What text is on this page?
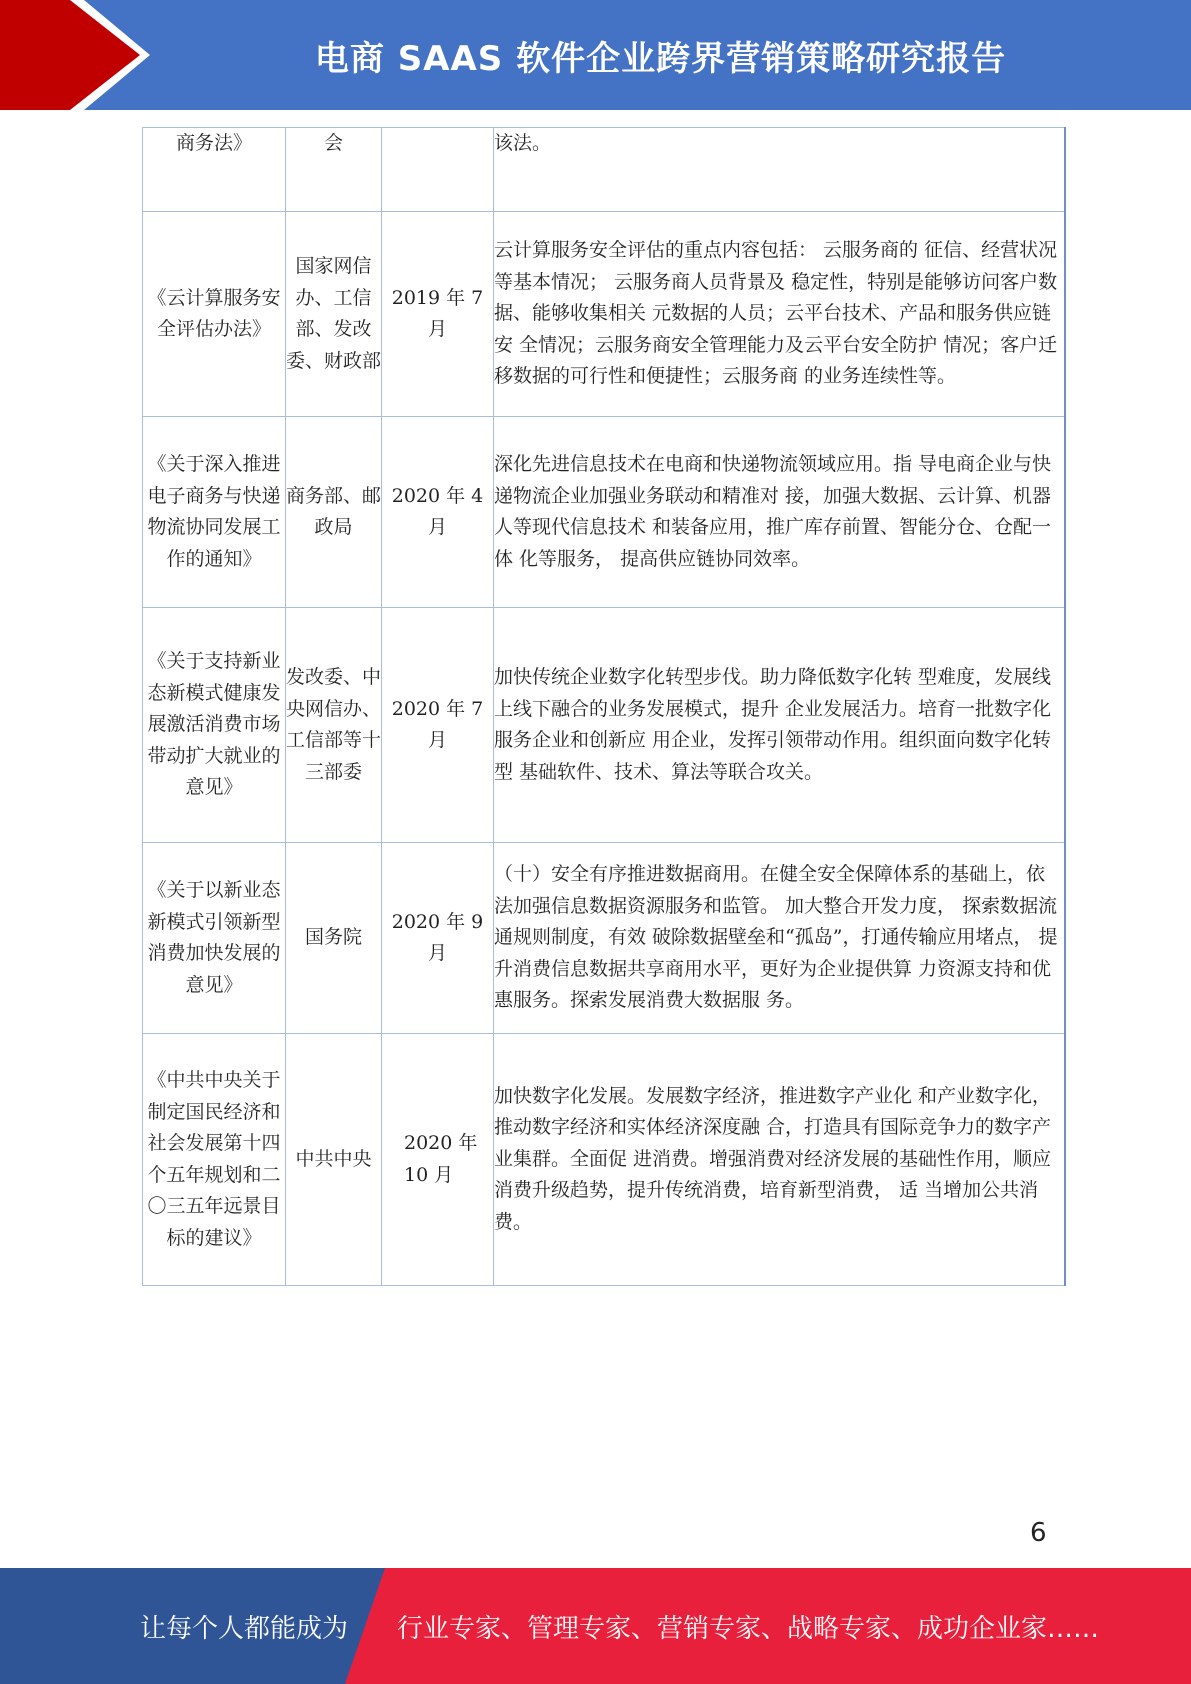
电商 SAAS 软件企业跨界营销策略研究报告
商务法》	会		该法。
《云计算服务安全评估办法》	国家网信办、工信部、发改委、财政部	2019 年 7 月	云计算服务安全评估的重点内容包括： 云服务商的 征信、经营状况等基本情况； 云服务商人员背景及 稳定性，特别是能够访问客户数据、能够收集相关 元数据的人员；云平台技术、产品和服务供应链安 全情况；云服务商安全管理能力及云平台安全防护 情况；客户迁移数据的可行性和便捷性；云服务商 的业务连续性等。
《关于深入推进电子商务与快递物流协同发展工作的通知》	商务部、邮政局	2020 年 4 月	深化先进信息技术在电商和快递物流领域应用。指 导电商企业与快递物流企业加强业务联动和精准对 接，加强大数据、云计算、机器人等现代信息技术 和装备应用，推广库存前置、智能分仓、仓配一体 化等服务， 提高供应链协同效率。
《关于支持新业态新模式健康发展激活消费市场带动扩大就业的意见》	发改委、中央网信办、工信部等十三部委	2020 年 7 月	加快传统企业数字化转型步伐。助力降低数字化转 型难度，发展线上线下融合的业务发展模式，提升 企业发展活力。培育一批数字化服务企业和创新应 用企业，发挥引领带动作用。组织面向数字化转型 基础软件、技术、算法等联合攻关。
《关于以新业态新模式引领新型消费加快发展的意见》	国务院	2020 年 9 月	（十）安全有序推进数据商用。在健全安全保障体系的基础上，依法加强信息数据资源服务和监管。 加大整合开发力度， 探索数据流通规则制度，有效 破除数据壁垒和“孤岛”，打通传输应用堵点， 提 升消费信息数据共享商用水平，更好为企业提供算 力资源支持和优惠服务。探索发展消费大数据服 务。
《中共中央关于制定国民经济和社会发展第十四个五年规划和二〇三五年远景目标的建议》	中共中央	2020 年 10 月	加快数字化发展。发展数字经济，推进数字产业化 和产业数字化，推动数字经济和实体经济深度融 合，打造具有国际竞争力的数字产业集群。全面促 进消费。增强消费对经济发展的基础性作用，顺应 消费升级趋势，提升传统消费，培育新型消费， 适 当增加公共消费。
6
让每个人都能成为 行业专家、管理专家、营销专家、战略专家、成功企业家……
